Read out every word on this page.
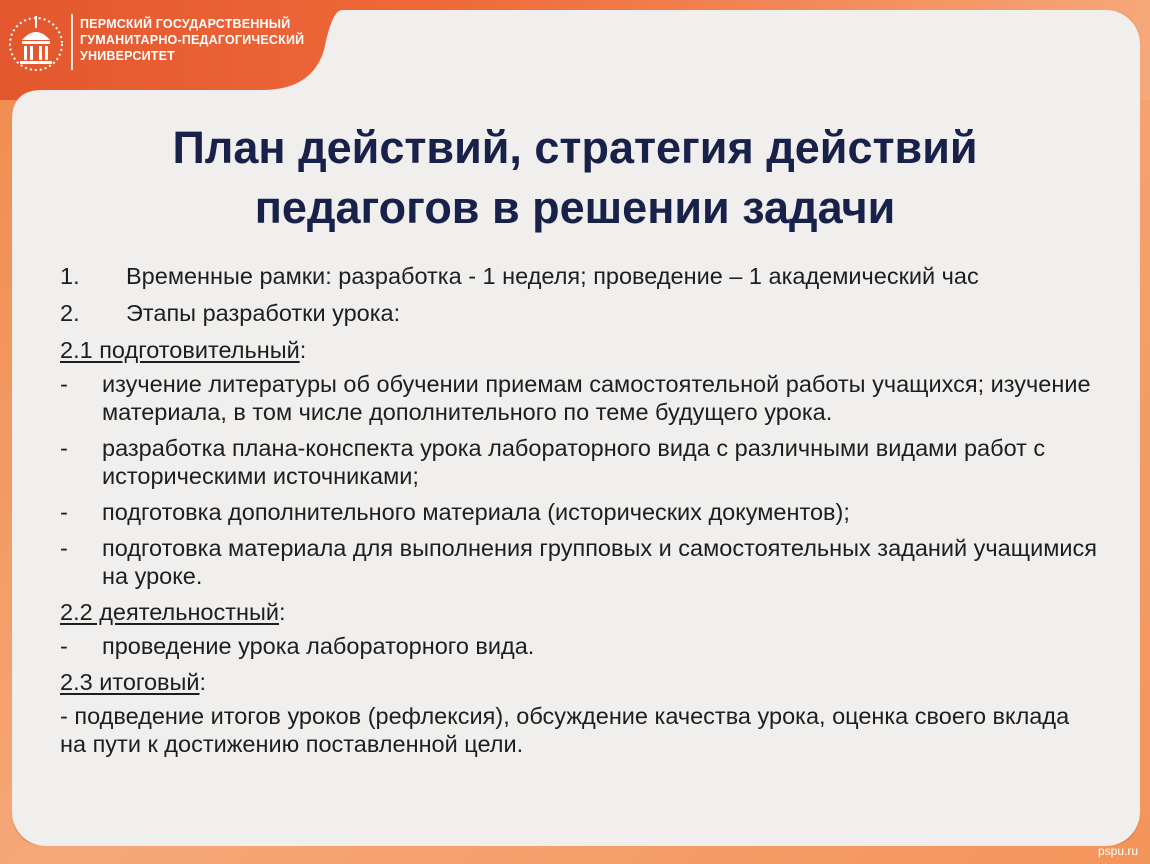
ПЕРМСКИЙ ГОСУДАРСТВЕННЫЙ
ГУМАНИТАРНО-ПЕДАГОГИЧЕСКИЙ
УНИВЕРСИТЕТ
План действий, стратегия действий педагогов в решении задачи
1. Временные рамки: разработка - 1 неделя; проведение – 1 академический час
2. Этапы разработки урока:
2.1 подготовительный:
- изучение литературы об обучении приемам самостоятельной работы учащихся; изучение материала, в том числе дополнительного по теме будущего урока.
- разработка плана-конспекта урока лабораторного вида с различными видами работ с историческими источниками;
- подготовка дополнительного материала (исторических документов);
- подготовка материала для выполнения групповых и самостоятельных заданий учащимися на уроке.
2.2 деятельностный:
- проведение урока лабораторного вида.
2.3 итоговый:
- подведение итогов уроков (рефлексия), обсуждение качества урока, оценка своего вклада на пути к достижению поставленной цели.
pspu.ru
